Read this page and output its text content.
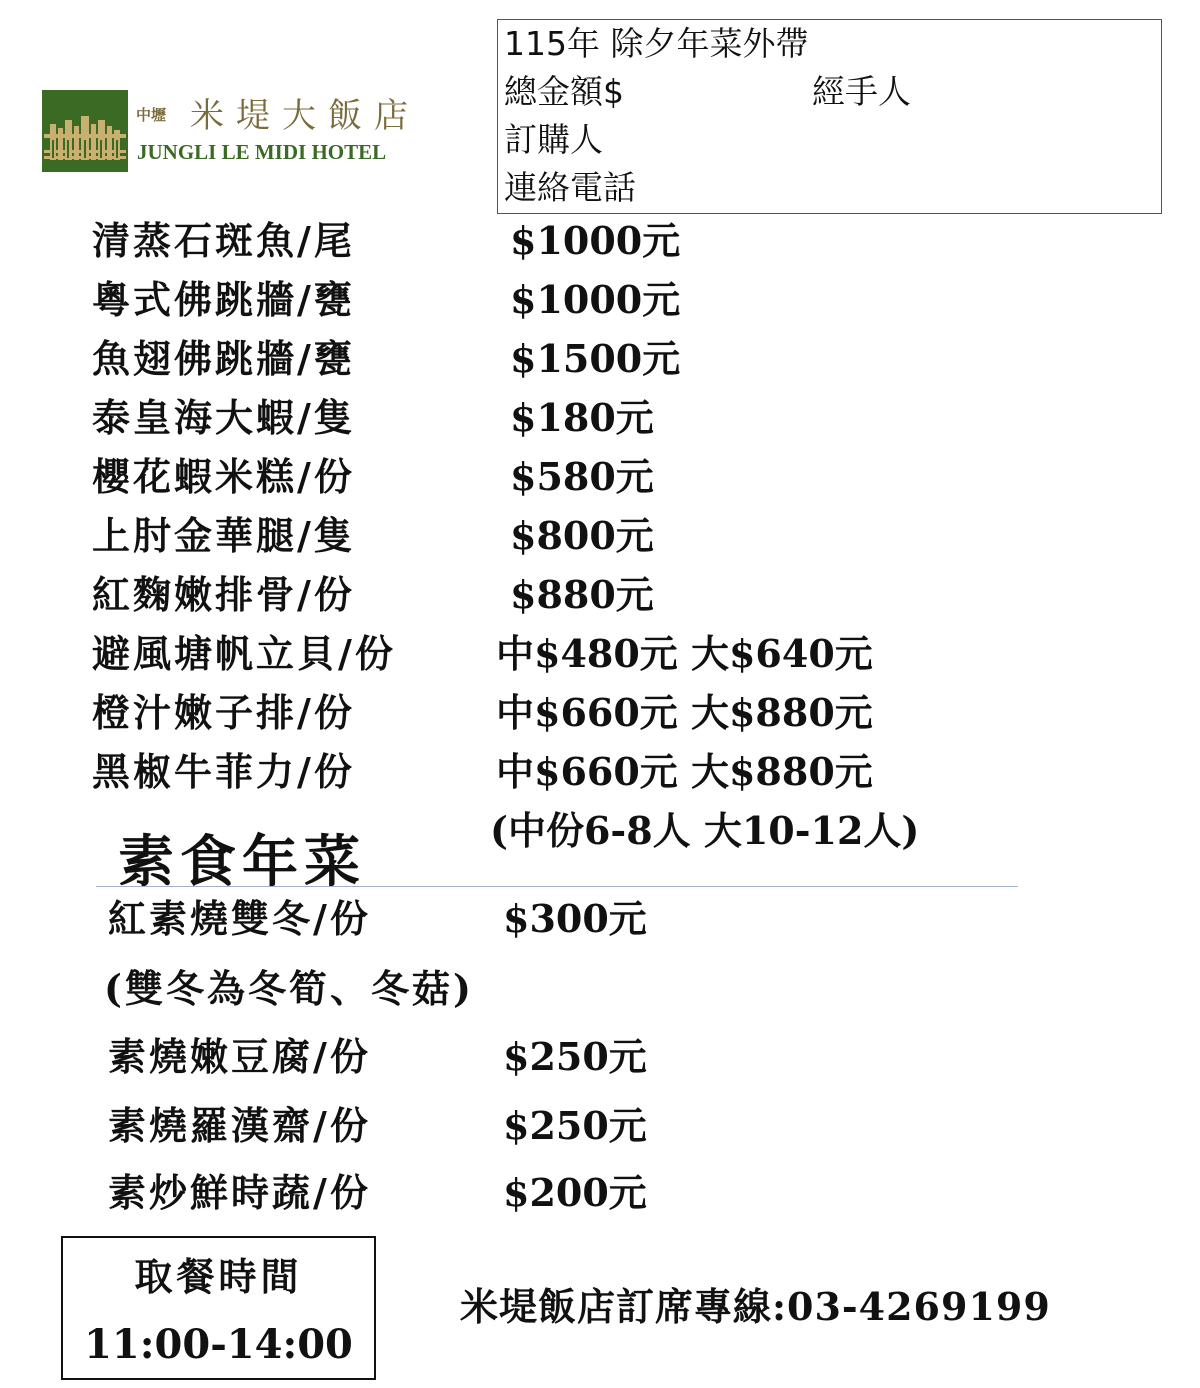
中壢 米堤大飯店
JUNGLI LE MIDI HOTEL
115年 除夕年菜外帶
總金額$	經手人
訂購人
連絡電話
清蒸石斑魚/尾	$1000元
粵式佛跳牆/甕	$1000元
魚翅佛跳牆/甕	$1500元
泰皇海大蝦/隻	$180元
櫻花蝦米糕/份	$580元
上肘金華腿/隻	$800元
紅麴嫩排骨/份	$880元
避風塘帆立貝/份	中$480元 大$640元
橙汁嫩子排/份	中$660元 大$880元
黑椒牛菲力/份	中$660元 大$880元
(中份6-8人 大10-12人)
素食年菜
紅素燒雙冬/份	$300元
(雙冬為冬筍、冬菇)
素燒嫩豆腐/份	$250元
素燒羅漢齋/份	$250元
素炒鮮時蔬/份	$200元
取餐時間
11:00-14:00
米堤飯店訂席專線:03-4269199
